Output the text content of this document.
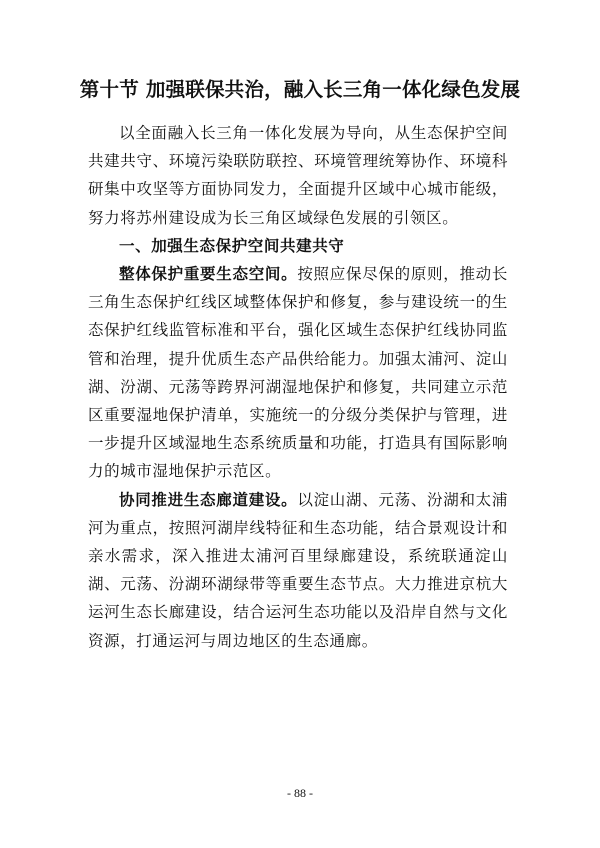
第十节 加强联保共治，融入长三角一体化绿色发展

以全面融入长三角一体化发展为导向，从生态保护空间共建共守、环境污染联防联控、环境管理统筹协作、环境科研集中攻坚等方面协同发力，全面提升区域中心城市能级，努力将苏州建设成为长三角区域绿色发展的引领区。

一、加强生态保护空间共建共守

整体保护重要生态空间。按照应保尽保的原则，推动长三角生态保护红线区域整体保护和修复，参与建设统一的生态保护红线监管标准和平台，强化区域生态保护红线协同监管和治理，提升优质生态产品供给能力。加强太浦河、淀山湖、汾湖、元荡等跨界河湖湿地保护和修复，共同建立示范区重要湿地保护清单，实施统一的分级分类保护与管理，进一步提升区域湿地生态系统质量和功能，打造具有国际影响力的城市湿地保护示范区。

协同推进生态廊道建设。以淀山湖、元荡、汾湖和太浦河为重点，按照河湖岸线特征和生态功能，结合景观设计和亲水需求，深入推进太浦河百里绿廊建设，系统联通淀山湖、元荡、汾湖环湖绿带等重要生态节点。大力推进京杭大运河生态长廊建设，结合运河生态功能以及沿岸自然与文化资源，打通运河与周边地区的生态通廊。

- 88 -
